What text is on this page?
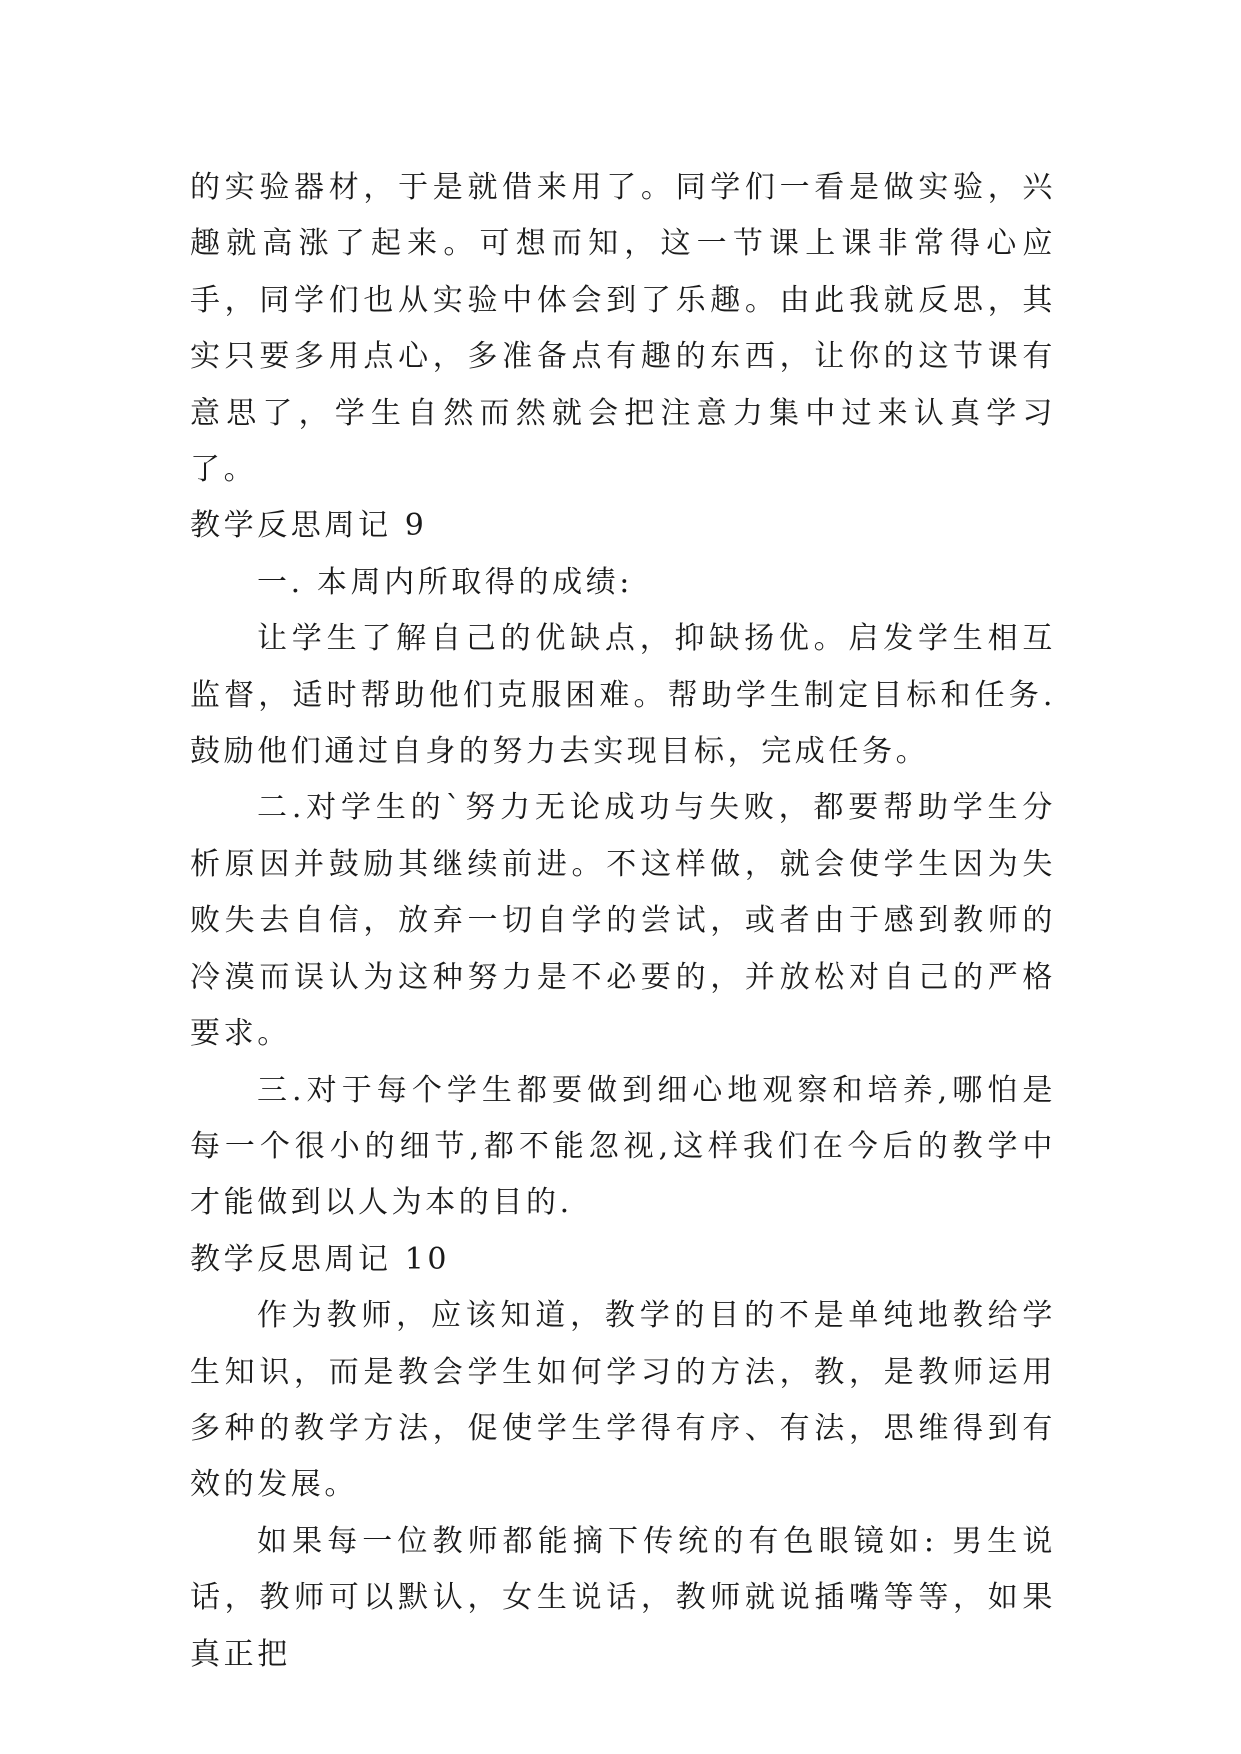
的实验器材，于是就借来用了。同学们一看是做实验，兴趣就高涨了起来。可想而知，这一节课上课非常得心应手，同学们也从实验中体会到了乐趣。由此我就反思，其实只要多用点心，多准备点有趣的东西，让你的这节课有意思了，学生自然而然就会把注意力集中过来认真学习了。

教学反思周记 9

一. 本周内所取得的成绩:

让学生了解自己的优缺点，抑缺扬优。启发学生相互监督，适时帮助他们克服困难。帮助学生制定目标和任务.鼓励他们通过自身的努力去实现目标，完成任务。

二.对学生的`努力无论成功与失败，都要帮助学生分析原因并鼓励其继续前进。不这样做，就会使学生因为失败失去自信，放弃一切自学的尝试，或者由于感到教师的冷漠而误认为这种努力是不必要的，并放松对自己的严格要求。

三.对于每个学生都要做到细心地观察和培养,哪怕是每一个很小的细节,都不能忽视,这样我们在今后的教学中才能做到以人为本的目的.

教学反思周记 10

作为教师，应该知道，教学的目的不是单纯地教给学生知识，而是教会学生如何学习的方法，教，是教师运用多种的教学方法，促使学生学得有序、有法，思维得到有效的发展。

如果每一位教师都能摘下传统的有色眼镜如: 男生说话，教师可以默认，女生说话，教师就说插嘴等等，如果真正把
